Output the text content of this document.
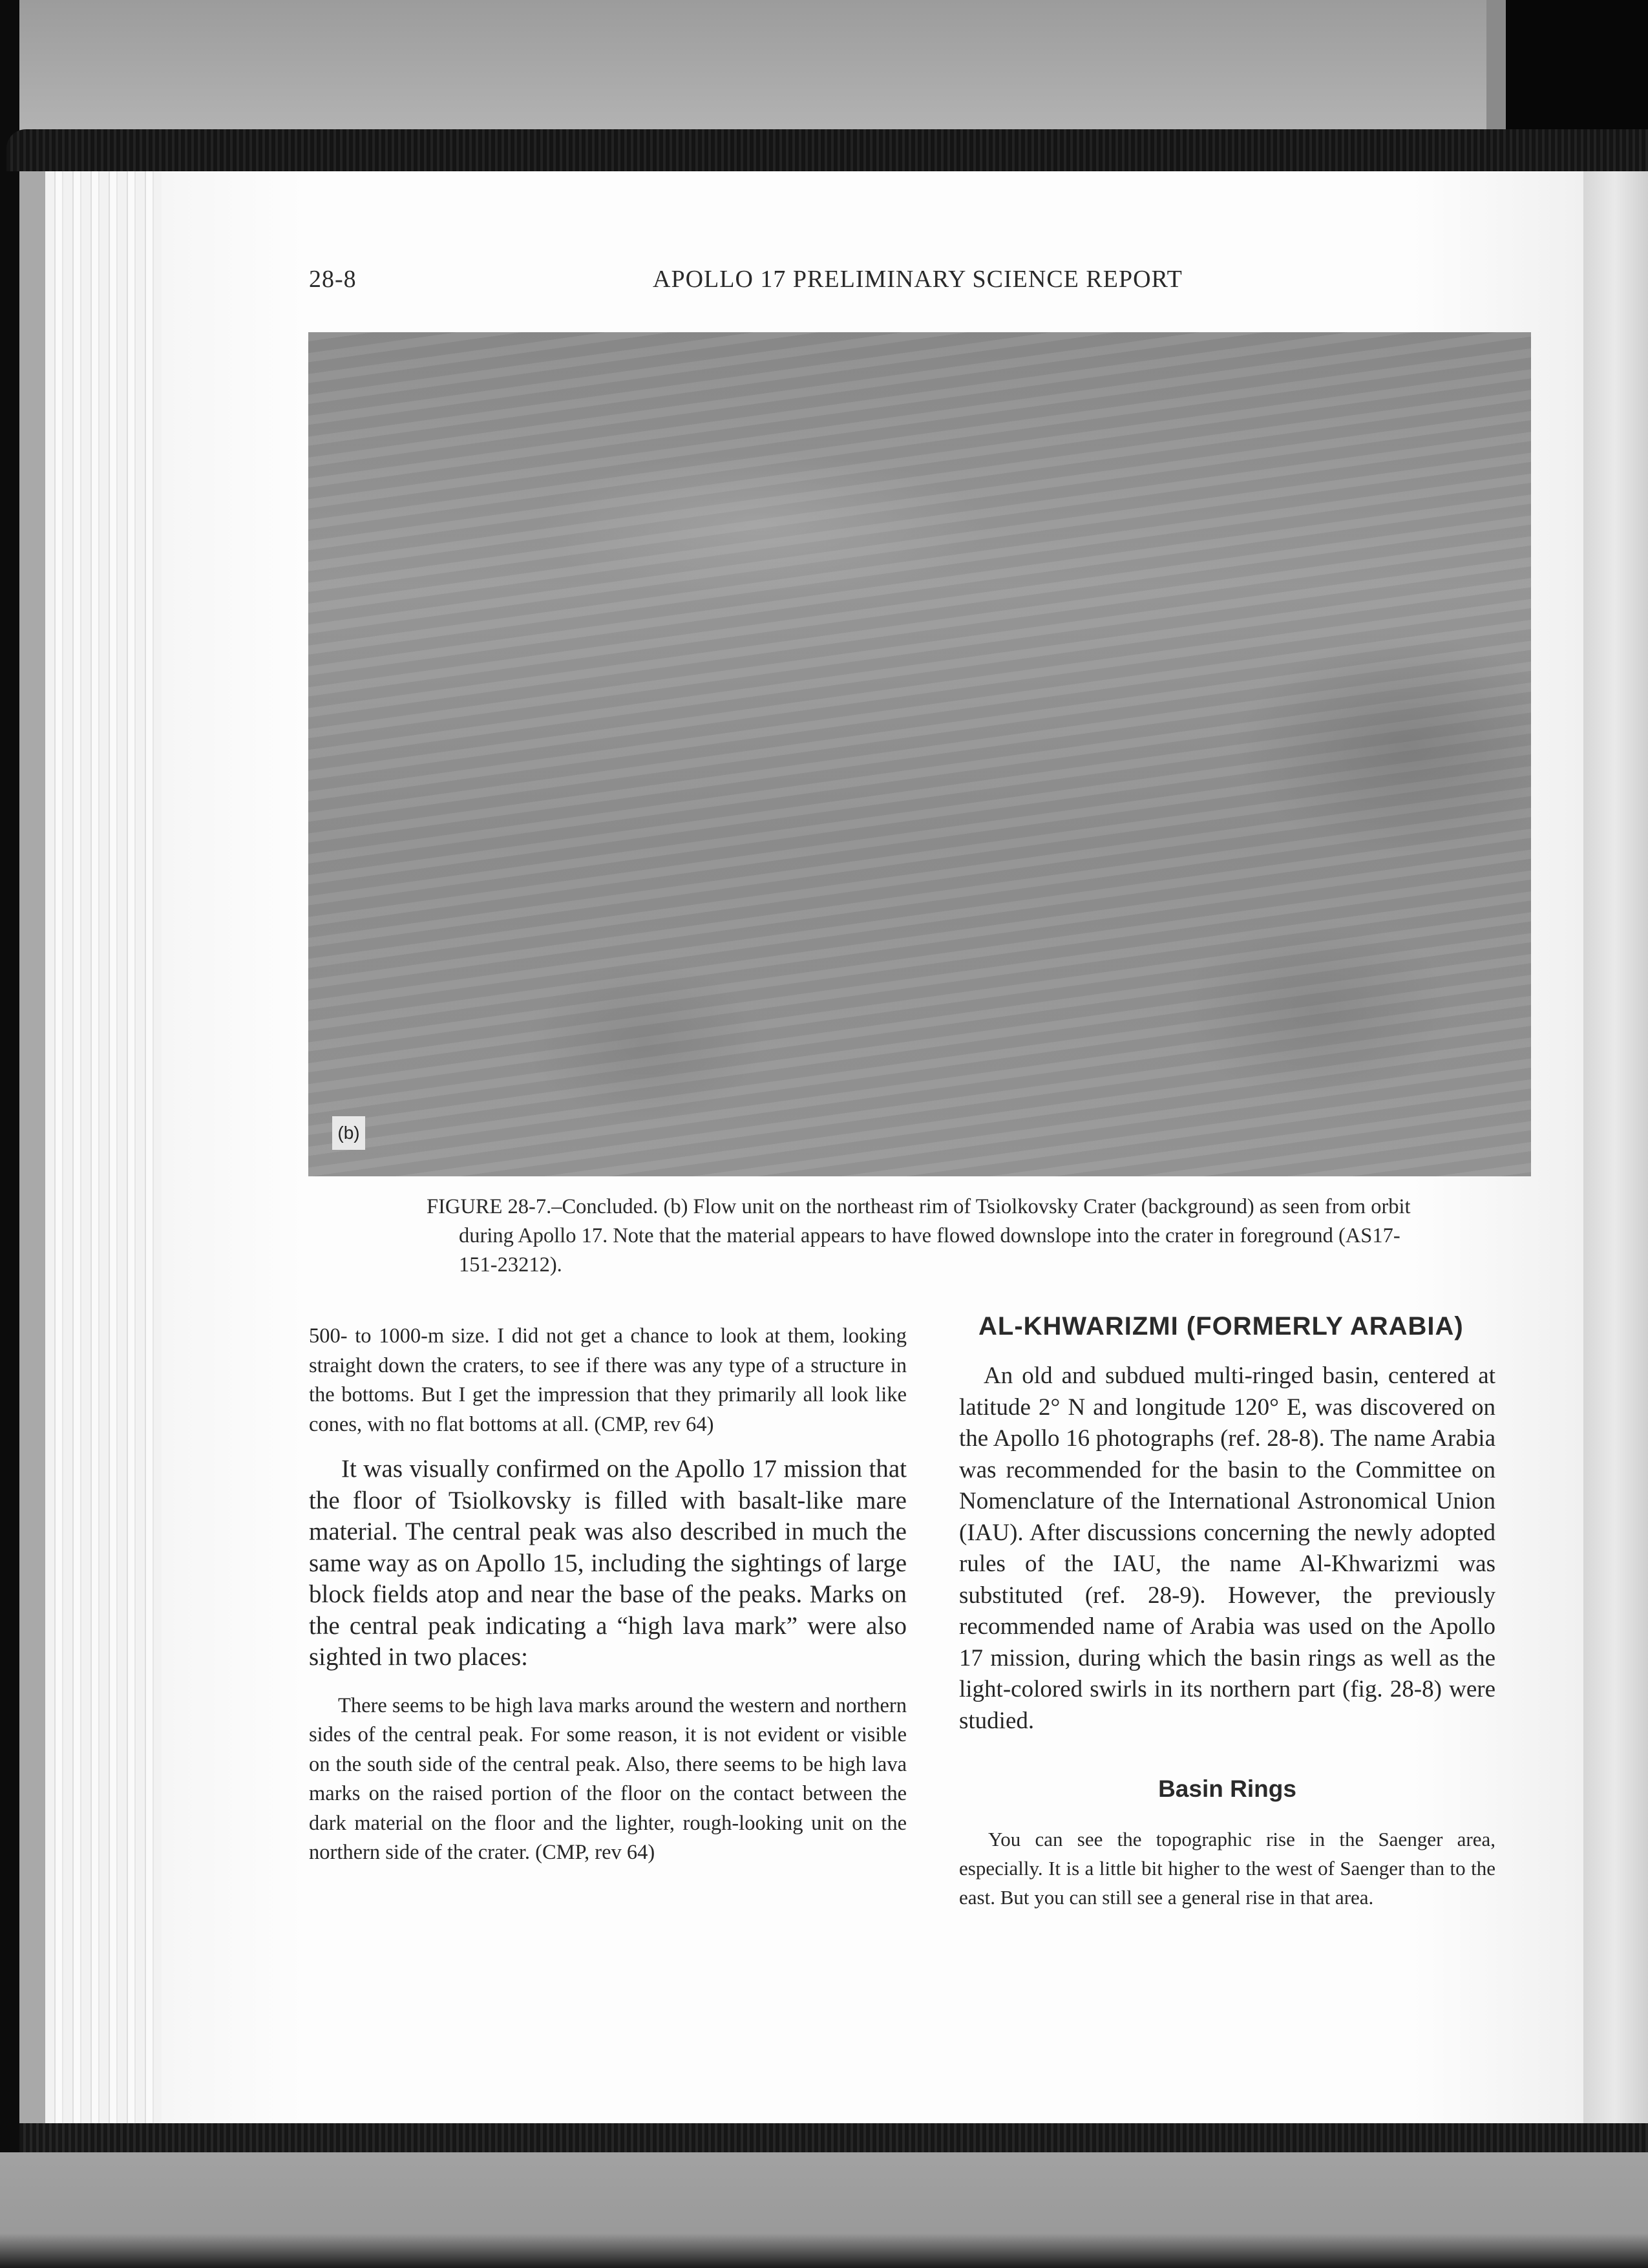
28-8	APOLLO 17 PRELIMINARY SCIENCE REPORT
(b)

FIGURE 28-7.–Concluded. (b) Flow unit on the northeast rim of Tsiolkovsky Crater (background) as seen from orbit during Apollo 17. Note that the material appears to have flowed downslope into the crater in foreground (AS17-151-23212).

500- to 1000-m size. I did not get a chance to look at them, looking straight down the craters, to see if there was any type of a structure in the bottoms. But I get the impression that they primarily all look like cones, with no flat bottoms at all. (CMP, rev 64)

It was visually confirmed on the Apollo 17 mission that the floor of Tsiolkovsky is filled with basalt-like mare material. The central peak was also described in much the same way as on Apollo 15, including the sightings of large block fields atop and near the base of the peaks. Marks on the central peak indicating a “high lava mark” were also sighted in two places:

There seems to be high lava marks around the western and northern sides of the central peak. For some reason, it is not evident or visible on the south side of the central peak. Also, there seems to be high lava marks on the raised portion of the floor on the contact between the dark material on the floor and the lighter, rough-looking unit on the northern side of the crater. (CMP, rev 64)

AL-KHWARIZMI (FORMERLY ARABIA)

An old and subdued multi-ringed basin, centered at latitude 2° N and longitude 120° E, was discovered on the Apollo 16 photographs (ref. 28-8). The name Arabia was recommended for the basin to the Committee on Nomenclature of the International Astronomical Union (IAU). After discussions concerning the newly adopted rules of the IAU, the name Al-Khwarizmi was substituted (ref. 28-9). However, the previously recommended name of Arabia was used on the Apollo 17 mission, during which the basin rings as well as the light-colored swirls in its northern part (fig. 28-8) were studied.

Basin Rings

You can see the topographic rise in the Saenger area, especially. It is a little bit higher to the west of Saenger than to the east. But you can still see a general rise in that area.
